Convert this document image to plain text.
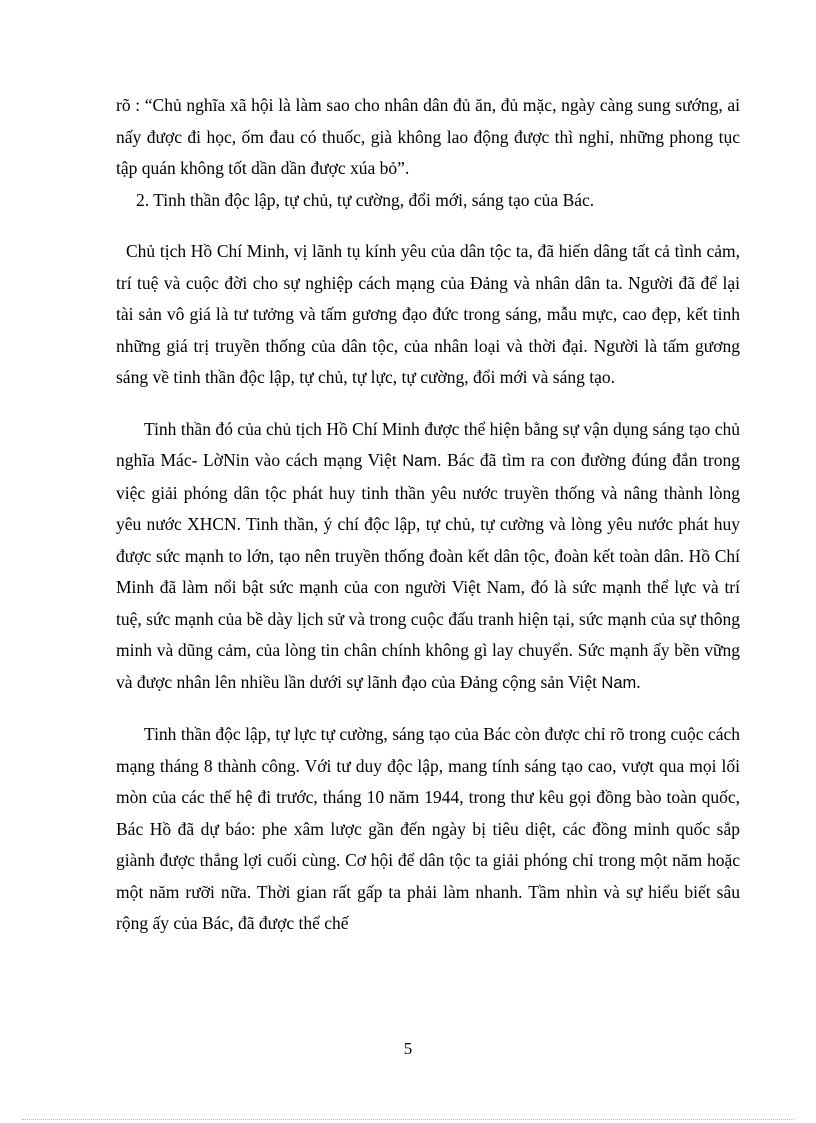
rõ : “Chủ nghĩa xã hội là làm sao cho nhân dân đủ ăn, đủ mặc, ngày càng sung sướng, ai nấy được đi học, ốm đau có thuốc, già không lao động được thì nghỉ, những phong tục tập quán không tốt dần dần được xúa bỏ”.

2. Tinh thần độc lập, tự chủ, tự cường, đổi mới, sáng tạo của Bác.

Chủ tịch Hồ Chí Minh, vị lãnh tụ kính yêu của dân tộc ta, đã hiến dâng tất cả tình cảm, trí tuệ và cuộc đời cho sự nghiệp cách mạng của Đảng và nhân dân ta. Người đã để lại tài sản vô giá là tư tưởng và tấm gương đạo đức trong sáng, mẫu mực, cao đẹp, kết tinh những giá trị truyền thống của dân tộc, của nhân loại và thời đại. Người là tấm gương sáng về tinh thần độc lập, tự chủ, tự lực, tự cường, đổi mới và sáng tạo.

Tinh thần đó của chủ tịch Hồ Chí Minh được thể hiện bằng sự vận dụng sáng tạo chủ nghĩa Mác- LờNin vào cách mạng Việt Nam. Bác đã tìm ra con đường đúng đắn trong việc giải phóng dân tộc phát huy tinh thần yêu nước truyền thống và nâng thành lòng yêu nước XHCN. Tinh thần, ý chí độc lập, tự chủ, tự cường và lòng yêu nước phát huy được sức mạnh to lớn, tạo nên truyền thống đoàn kết dân tộc, đoàn kết toàn dân. Hồ Chí Minh đã làm nổi bật sức mạnh của con người Việt Nam, đó là sức mạnh thể lực và trí tuệ, sức mạnh của bề dày lịch sử và trong cuộc đấu tranh hiện tại, sức mạnh của sự thông minh và dũng cảm, của lòng tin chân chính không gì lay chuyển. Sức mạnh ấy bền vững và được nhân lên nhiều lần dưới sự lãnh đạo của Đảng cộng sản Việt Nam.

Tinh thần độc lập, tự lực tự cường, sáng tạo của Bác còn được chỉ rõ trong cuộc cách mạng tháng 8 thành công. Với tư duy độc lập, mang tính sáng tạo cao, vượt qua mọi lối mòn của các thế hệ đi trước, tháng 10 năm 1944, trong thư kêu gọi đồng bào toàn quốc, Bác Hồ đã dự báo: phe xâm lược gần đến ngày bị tiêu diệt, các đồng minh quốc sắp giành được thắng lợi cuối cùng. Cơ hội để dân tộc ta giải phóng chỉ trong một năm hoặc một năm rưỡi nữa. Thời gian rất gấp ta phải làm nhanh. Tầm nhìn và sự hiểu biết sâu rộng ấy của Bác, đã được thể chế

5
